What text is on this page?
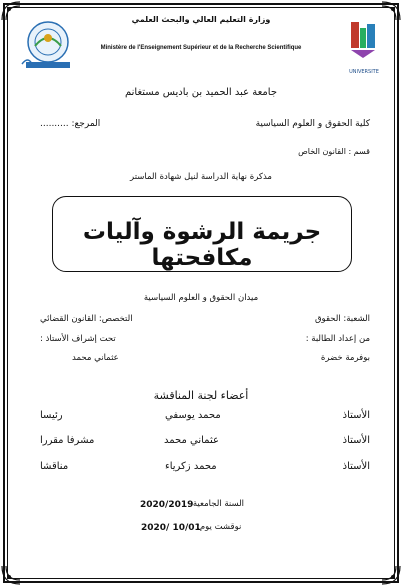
UNIVERSITE
وزارة التعليم العالي والبحث العلمي
Ministère de l'Enseignement Supérieur et de la Recherche Scientifique
جامعة عبد الحميد بن باديس مستغانم
كلية الحقوق و العلوم السياسية
المرجع: ..........
قسم : القانون الخاص
مذكرة نهاية الدراسة لنيل شهادة الماستر
جريمة الرشوة وآليات مكافحتها
ميدان الحقوق و العلوم السياسية
الشعبة: الحقوق
التخصص: القانون القضائي
من إعداد الطالبة :
تحت إشراف الأستاذ :
بوفرمة خضرة
عثماني محمد
أعضاء لجنة المناقشة
الأستاذ
محمد يوسفي
رئيسا
الأستاذ
عثماني محمد
مشرفا مقررا
الأستاذ
محمد زكرياء
مناقشا
السنة الجامعية:
2020/2019
نوقشت يوم:
2020/ 10/01
